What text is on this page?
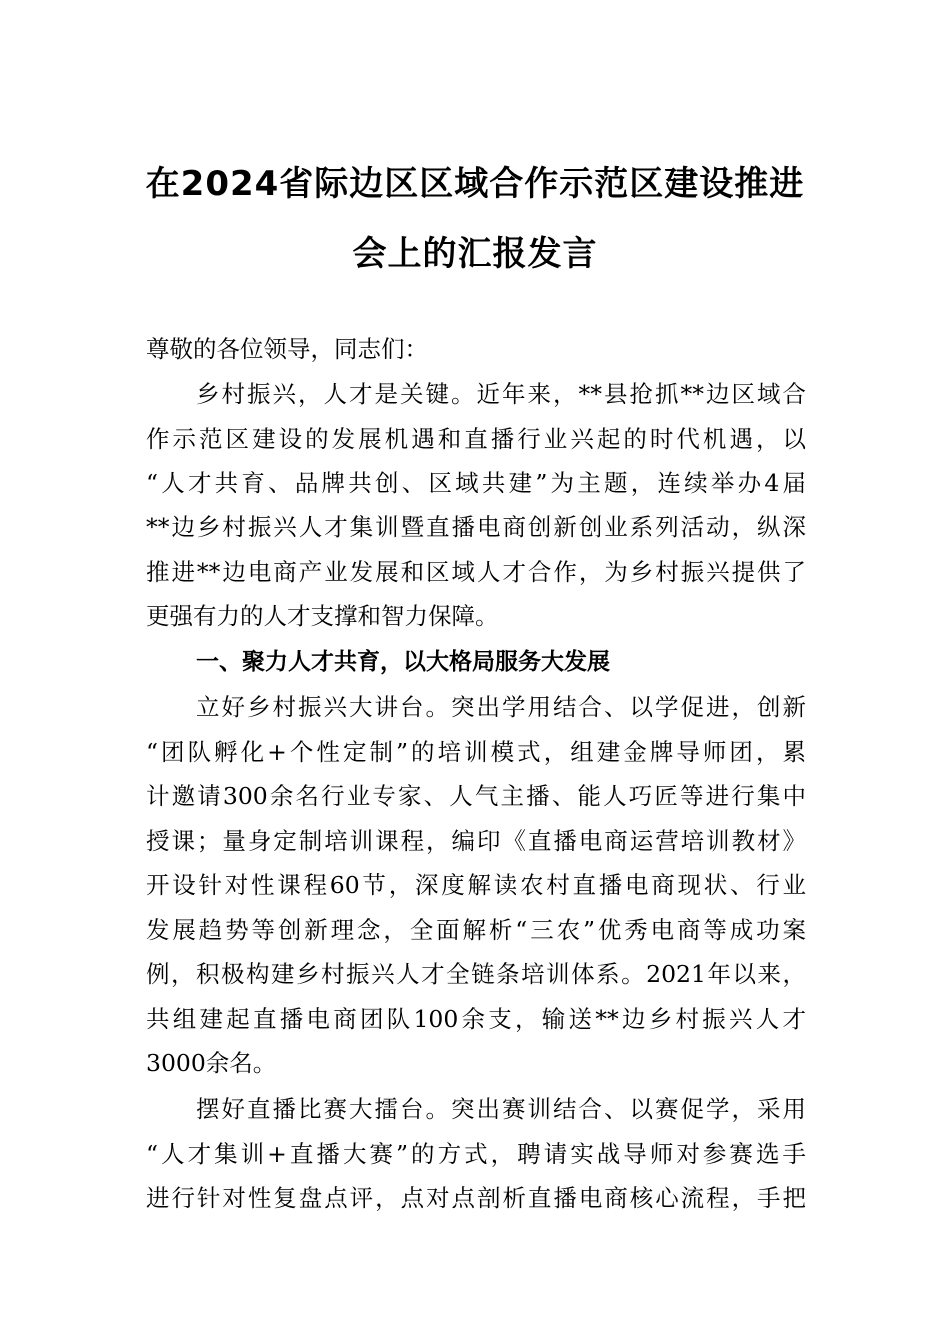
在2024省际边区区域合作示范区建设推进
会上的汇报发言

尊敬的各位领导，同志们：

乡村振兴，人才是关键。近年来，**县抢抓**边区域合

作示范区建设的发展机遇和直播行业兴起的时代机遇，以

“人才共育、品牌共创、区域共建”为主题，连续举办4届

**边乡村振兴人才集训暨直播电商创新创业系列活动，纵深

推进**边电商产业发展和区域人才合作，为乡村振兴提供了

更强有力的人才支撑和智力保障。

一、聚力人才共育，以大格局服务大发展

立好乡村振兴大讲台。突出学用结合、以学促进，创新

“团队孵化+个性定制”的培训模式，组建金牌导师团，累

计邀请300余名行业专家、人气主播、能人巧匠等进行集中

授课；量身定制培训课程，编印《直播电商运营培训教材》

开设针对性课程60节，深度解读农村直播电商现状、行业

发展趋势等创新理念，全面解析“三农”优秀电商等成功案

例，积极构建乡村振兴人才全链条培训体系。2021年以来，

共组建起直播电商团队100余支，输送**边乡村振兴人才

3000余名。

摆好直播比赛大擂台。突出赛训结合、以赛促学，采用

“人才集训+直播大赛”的方式，聘请实战导师对参赛选手

进行针对性复盘点评，点对点剖析直播电商核心流程，手把
